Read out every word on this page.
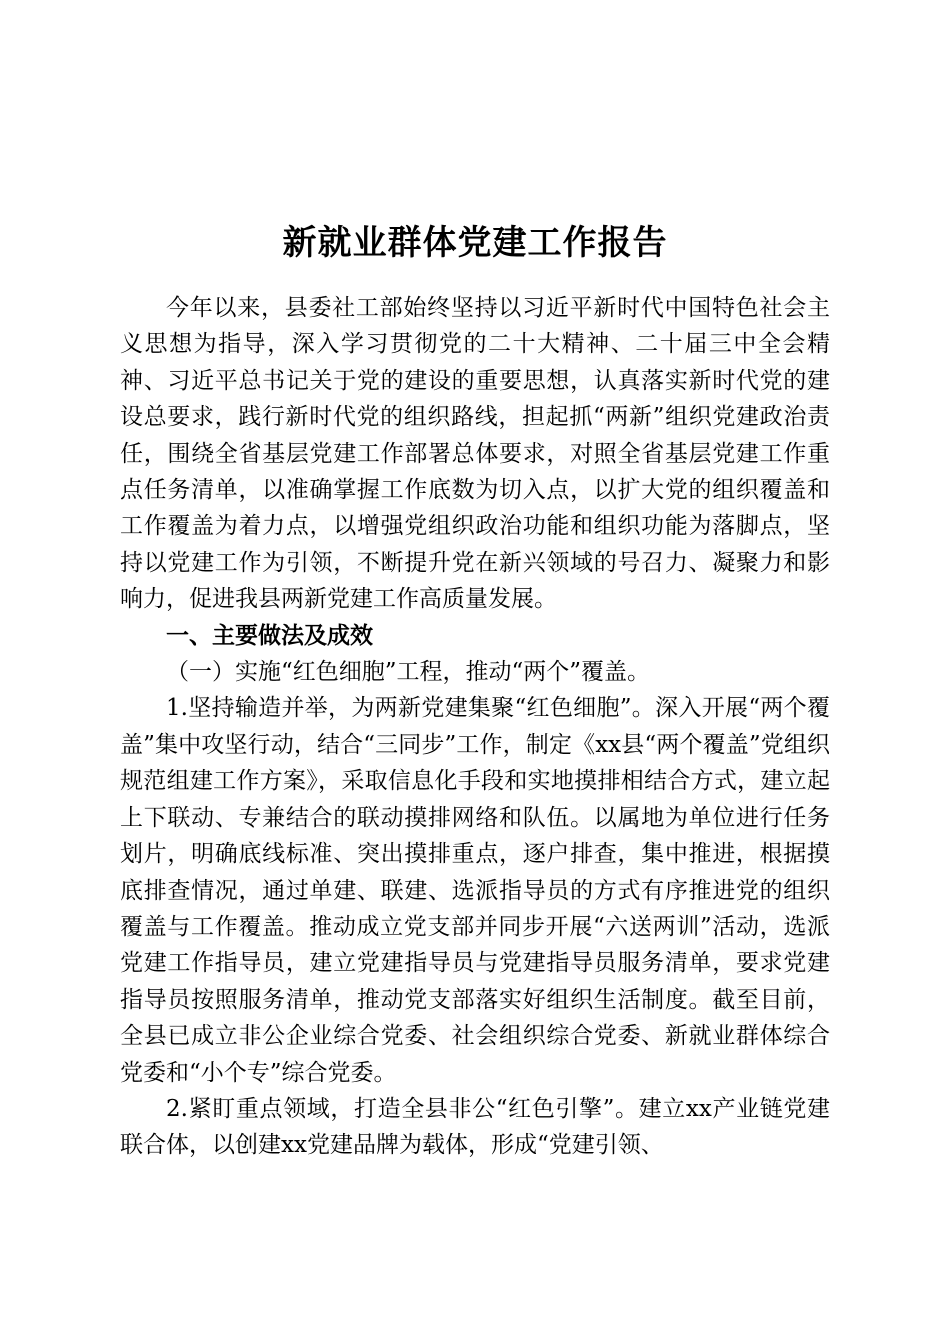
新就业群体党建工作报告

今年以来，县委社工部始终坚持以习近平新时代中国特色社会主义思想为指导，深入学习贯彻党的二十大精神、二十届三中全会精神、习近平总书记关于党的建设的重要思想，认真落实新时代党的建设总要求，践行新时代党的组织路线，担起抓“两新”组织党建政治责任，围绕全省基层党建工作部署总体要求，对照全省基层党建工作重点任务清单，以准确掌握工作底数为切入点，以扩大党的组织覆盖和工作覆盖为着力点，以增强党组织政治功能和组织功能为落脚点，坚持以党建工作为引领，不断提升党在新兴领域的号召力、凝聚力和影响力，促进我县两新党建工作高质量发展。

一、主要做法及成效

（一）实施“红色细胞”工程，推动“两个”覆盖。

1.坚持输造并举，为两新党建集聚“红色细胞”。深入开展“两个覆盖”集中攻坚行动，结合“三同步”工作，制定《xx县“两个覆盖”党组织规范组建工作方案》，采取信息化手段和实地摸排相结合方式，建立起上下联动、专兼结合的联动摸排网络和队伍。以属地为单位进行任务划片，明确底线标准、突出摸排重点，逐户排查，集中推进，根据摸底排查情况，通过单建、联建、选派指导员的方式有序推进党的组织覆盖与工作覆盖。推动成立党支部并同步开展“六送两训”活动，选派党建工作指导员，建立党建指导员与党建指导员服务清单，要求党建指导员按照服务清单，推动党支部落实好组织生活制度。截至目前，全县已成立非公企业综合党委、社会组织综合党委、新就业群体综合党委和“小个专”综合党委。

2.紧盯重点领域，打造全县非公“红色引擎”。建立xx产业链党建联合体，以创建xx党建品牌为载体，形成“党建引领、
